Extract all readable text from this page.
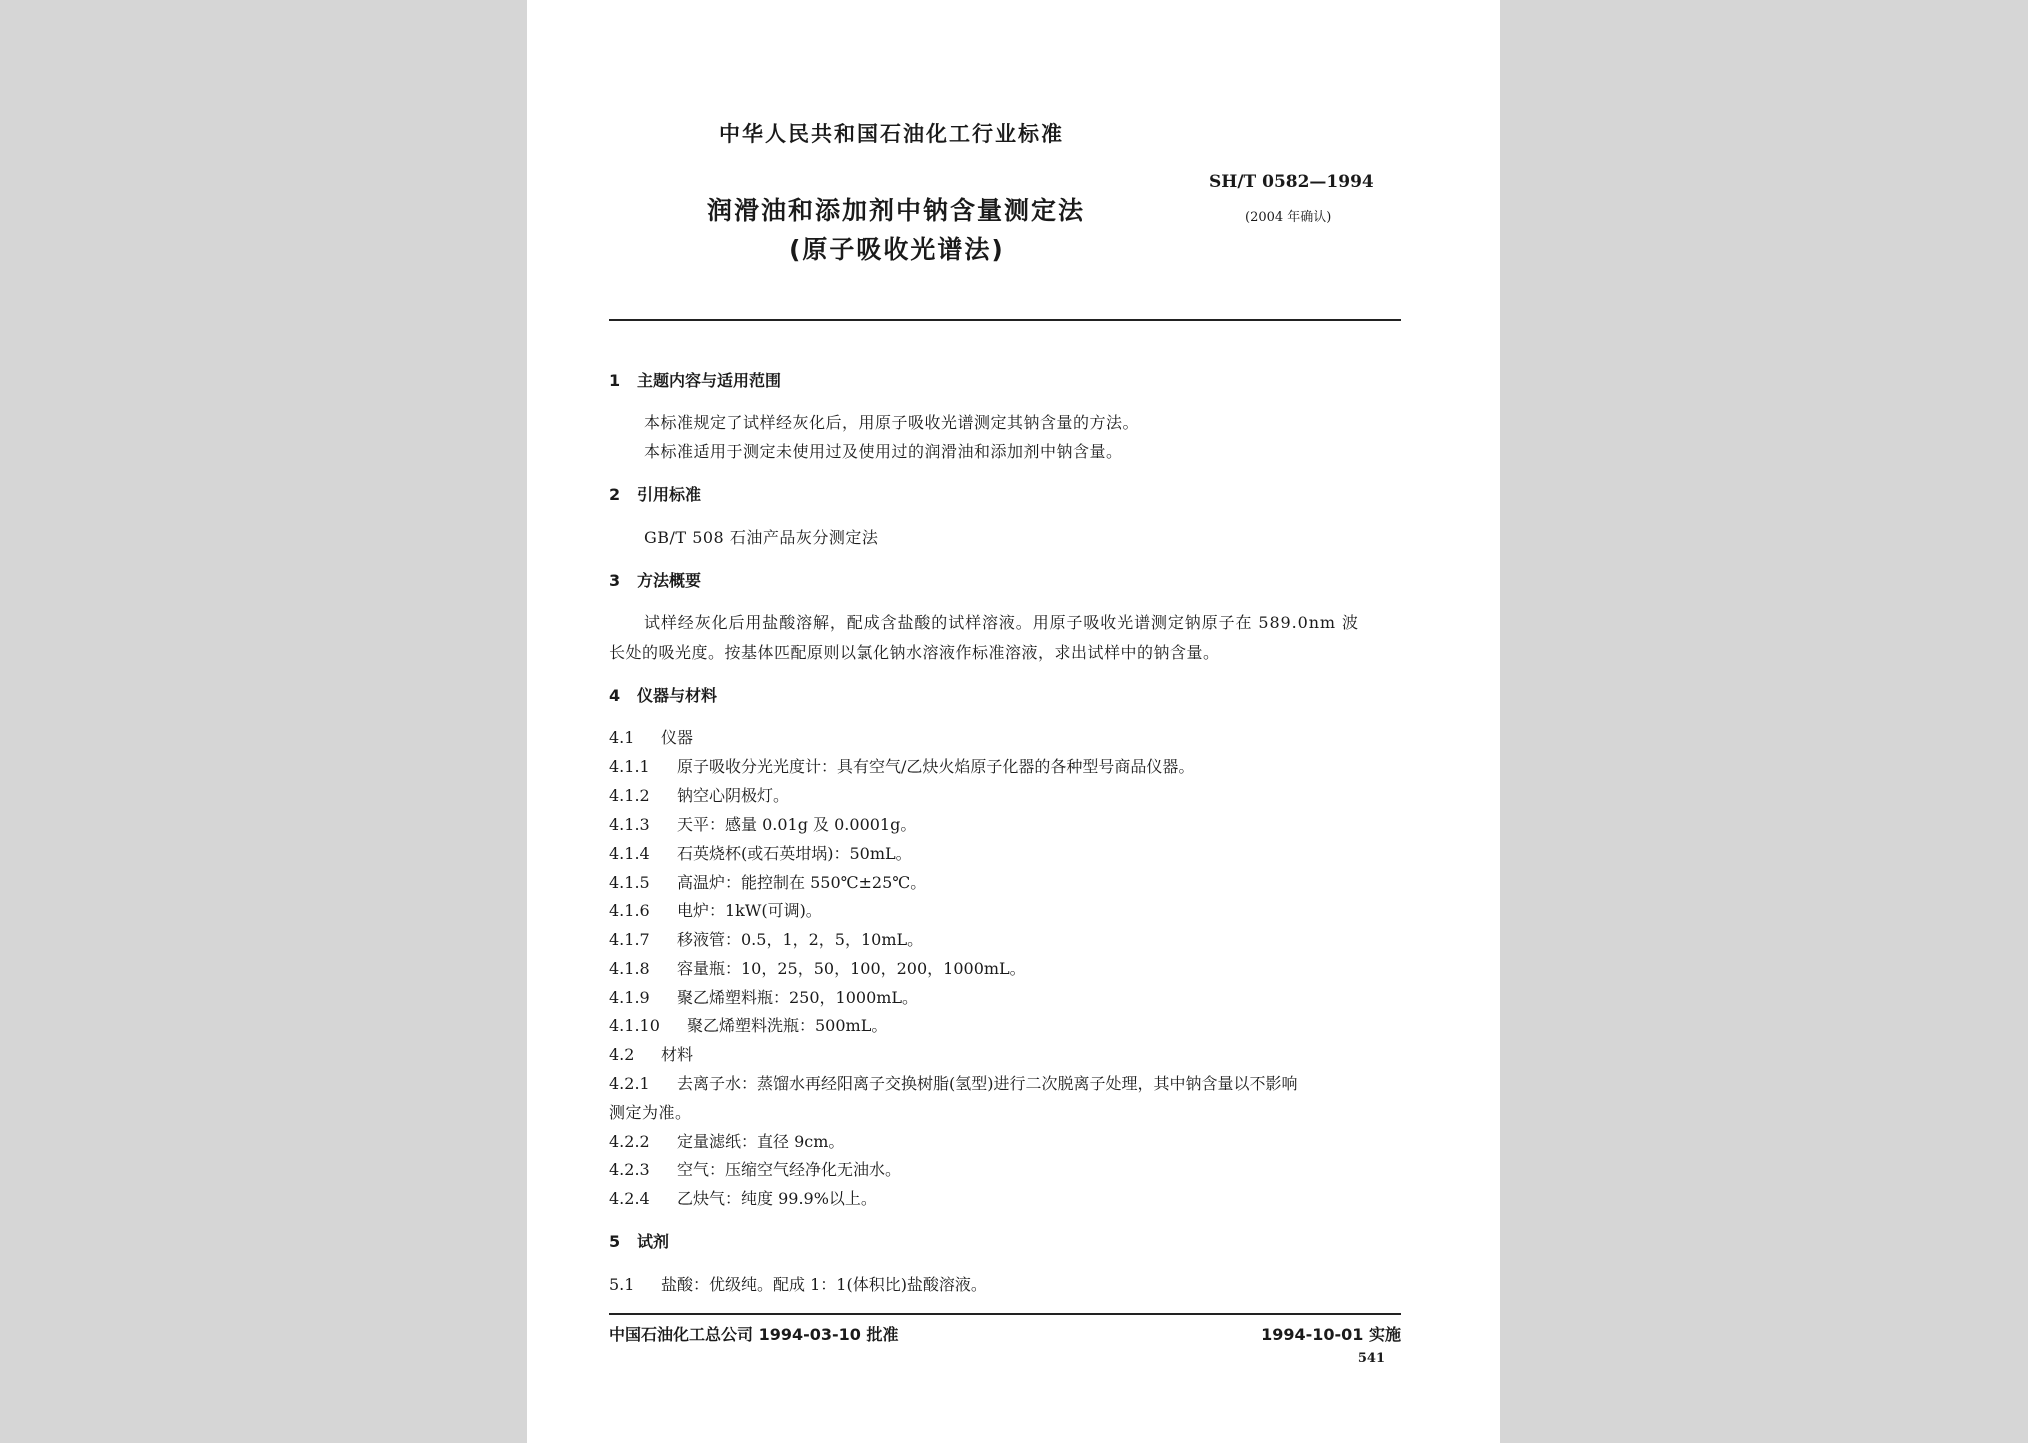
中华人民共和国石油化工行业标准
润滑油和添加剂中钠含量测定法
(原子吸收光谱法)
SH/T 0582—1994
(2004 年确认)
1 主题内容与适用范围
本标准规定了试样经灰化后，用原子吸收光谱测定其钠含量的方法。
本标准适用于测定未使用过及使用过的润滑油和添加剂中钠含量。
2 引用标准
GB/T 508 石油产品灰分测定法
3 方法概要
试样经灰化后用盐酸溶解，配成含盐酸的试样溶液。用原子吸收光谱测定钠原子在 589.0nm 波
长处的吸光度。按基体匹配原则以氯化钠水溶液作标准溶液，求出试样中的钠含量。
4 仪器与材料
4.1 仪器
4.1.1 原子吸收分光光度计：具有空气/乙炔火焰原子化器的各种型号商品仪器。
4.1.2 钠空心阴极灯。
4.1.3 天平：感量 0.01g 及 0.0001g。
4.1.4 石英烧杯(或石英坩埚)：50mL。
4.1.5 高温炉：能控制在 550℃±25℃。
4.1.6 电炉：1kW(可调)。
4.1.7 移液管：0.5，1，2，5，10mL。
4.1.8 容量瓶：10，25，50，100，200，1000mL。
4.1.9 聚乙烯塑料瓶：250，1000mL。
4.1.10 聚乙烯塑料洗瓶：500mL。
4.2 材料
4.2.1 去离子水：蒸馏水再经阳离子交换树脂(氢型)进行二次脱离子处理，其中钠含量以不影响
测定为准。
4.2.2 定量滤纸：直径 9cm。
4.2.3 空气：压缩空气经净化无油水。
4.2.4 乙炔气：纯度 99.9%以上。
5 试剂
5.1 盐酸：优级纯。配成 1：1(体积比)盐酸溶液。
中国石油化工总公司 1994-03-10 批准	1994-10-01 实施
541
